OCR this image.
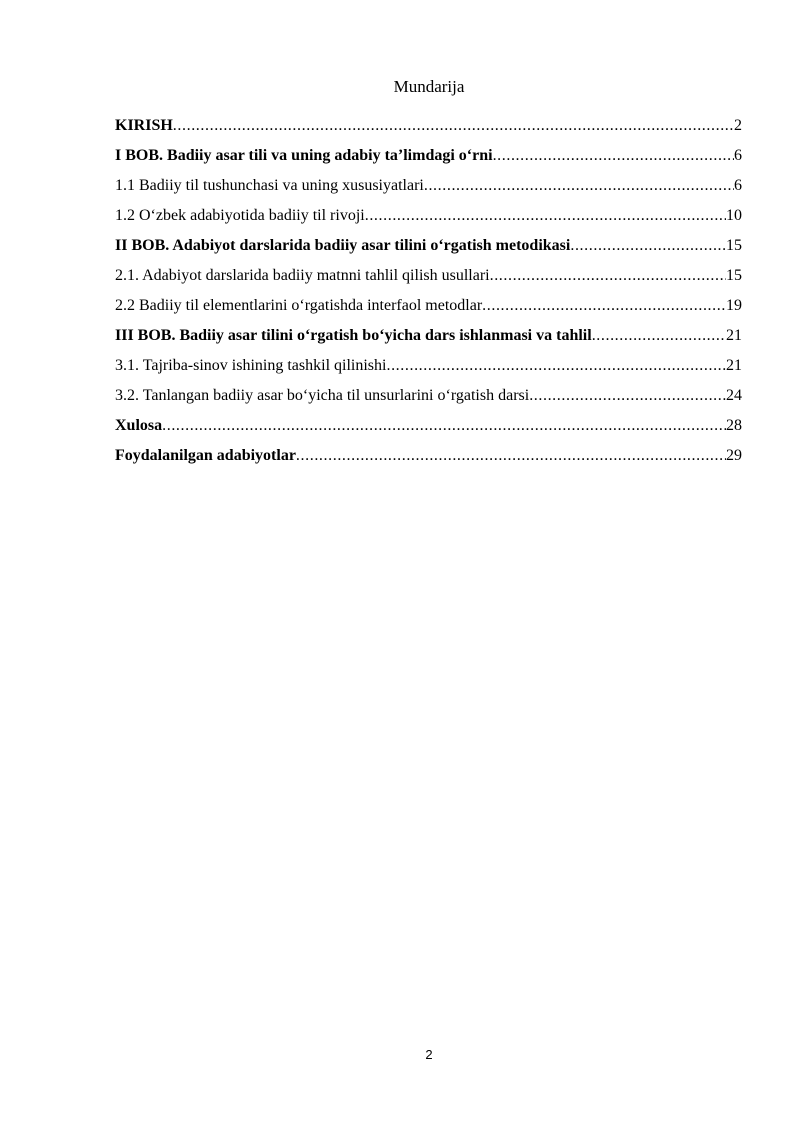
Mundarija
KIRISH .....	2
I BOB. Badiiy asar tili va uning adabiy ta’limdagi o‘rni .....	6
1.1 Badiiy til tushunchasi va uning xususiyatlari .....	6
1.2 O‘zbek adabiyotida badiiy til rivoji .....	10
II BOB. Adabiyot darslarida badiiy asar tilini o‘rgatish metodikasi .....	15
2.1. Adabiyot darslarida badiiy matnni tahlil qilish usullari .....	15
2.2 Badiiy til elementlarini o‘rgatishda interfaol metodlar .....	19
III BOB. Badiiy asar tilini o‘rgatish bo‘yicha dars ishlanmasi va tahlil .....	21
3.1. Tajriba-sinov ishining tashkil qilinishi .....	21
3.2. Tanlangan badiiy asar bo‘yicha til unsurlarini o‘rgatish darsi .....	24
Xulosa .....	28
Foydalanilgan adabiyotlar .....	29
2
